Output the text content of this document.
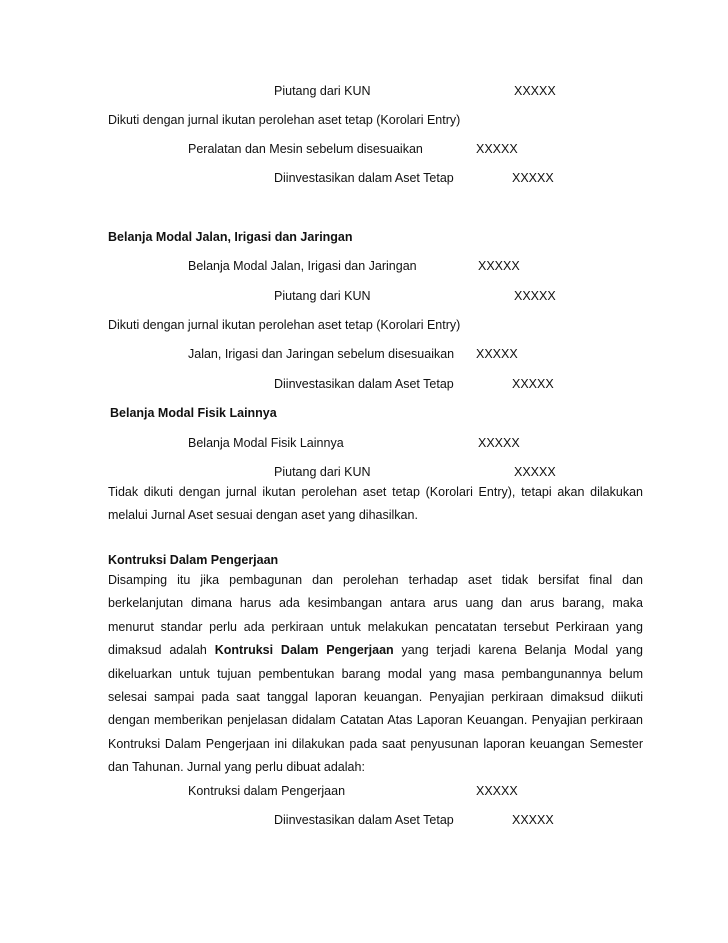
Piutang dari KUN	XXXXX
Dikuti dengan jurnal ikutan perolehan aset tetap (Korolari Entry)
Peralatan dan Mesin sebelum disesuaikan	XXXXX
Diinvestasikan dalam Aset Tetap	XXXXX
Belanja Modal Jalan, Irigasi dan Jaringan
Belanja Modal Jalan, Irigasi dan Jaringan	XXXXX
Piutang dari KUN	XXXXX
Dikuti dengan jurnal ikutan perolehan aset tetap (Korolari Entry)
Jalan, Irigasi dan Jaringan sebelum disesuaikan XXXXX
Diinvestasikan dalam Aset Tetap	XXXXX
Belanja Modal Fisik Lainnya
Belanja Modal Fisik Lainnya	XXXXX
Piutang dari KUN	XXXXX
Tidak dikuti dengan jurnal ikutan perolehan aset tetap (Korolari Entry), tetapi akan dilakukan
melalui Jurnal Aset sesuai dengan aset yang dihasilkan.
Kontruksi Dalam Pengerjaan
Disamping itu jika pembagunan dan perolehan terhadap aset tidak bersifat final dan
berkelanjutan dimana harus ada kesimbangan antara arus uang dan arus barang, maka
menurut standar perlu ada perkiraan untuk melakukan pencatatan tersebut Perkiraan yang
dimaksud adalah Kontruksi Dalam Pengerjaan yang terjadi karena Belanja Modal yang
dikeluarkan untuk tujuan pembentukan barang modal yang masa pembangunannya belum
selesai sampai pada saat tanggal laporan keuangan. Penyajian perkiraan dimaksud diikuti
dengan memberikan penjelasan didalam Catatan Atas Laporan Keuangan. Penyajian perkiraan
Kontruksi Dalam Pengerjaan ini dilakukan pada saat penyusunan laporan keuangan Semester
dan Tahunan. Jurnal yang perlu dibuat adalah:
Kontruksi dalam Pengerjaan	XXXXX
Diinvestasikan dalam Aset Tetap	XXXXX
